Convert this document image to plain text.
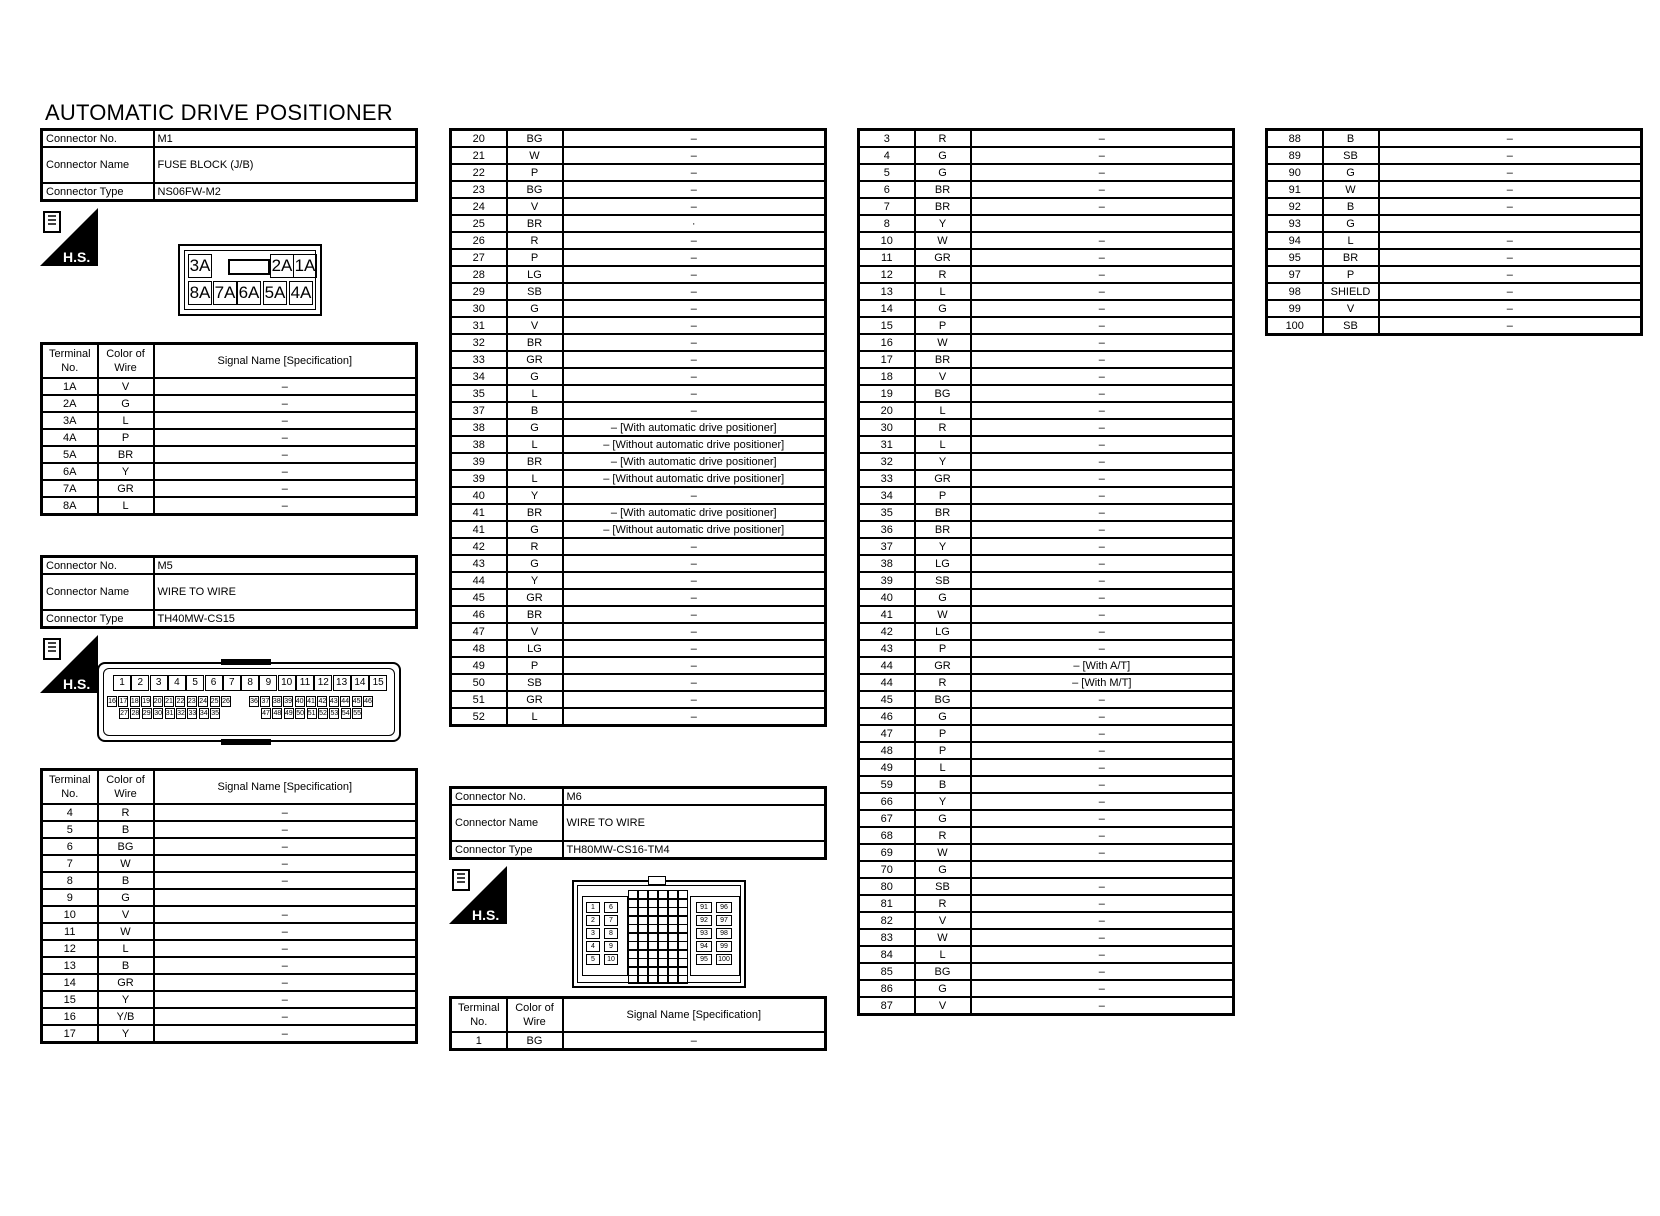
AUTOMATIC DRIVE POSITIONER
Connector No.	M1
Connector Name	FUSE BLOCK (J/B)
Connector Type	NS06FW-M2
H.S.	3A	2A 1A
8A 7A 6A 5A 4A
Terminal No.	Color of Wire	Signal Name [Specification]
1A	V	–
2A	G	–
3A	L	–
4A	P	–
5A	BR	–
6A	Y	–
7A	GR	–
8A	L	–
Connector No.	M5
Connector Name	WIRE TO WIRE
Connector Type	TH40MW-CS15
H.S.	1	2	3	4	5	6	7	8	9 10 11 12 13 14 15
16 17 18 19 20 21 22 23 24 25 26	36 37 38 39 40 41 42 43 44 45 46
27 28 29 30 31 32 33 34 35	47 48 49 50 51 52 53 54 55
Terminal No.	Color of Wire	Signal Name [Specification]
4	R	–
5	B	–
6	BG	–
7	W	–
8	B	–
9	G	
10	V	–
11	W	–
12	L	–
13	B	–
14	GR	–
15	Y	–
16	Y/B	–
17	Y	–
20	BG	–
21	W	–
22	P	–
23	BG	–
24	V	–
25	BR	·
26	R	–
27	P	–
28	LG	–
29	SB	–
30	G	–
31	V	–
32	BR	–
33	GR	–
34	G	–
35	L	–
37	B	–
38	G	– [With automatic drive positioner]
38	L	– [Without automatic drive positioner]
39	BR	– [With automatic drive positioner]
39	L	– [Without automatic drive positioner]
40	Y	–
41	BR	– [With automatic drive positioner]
41	G	– [Without automatic drive positioner]
42	R	–
43	G	–
44	Y	–
45	GR	–
46	BR	–
47	V	–
48	LG	–
49	P	–
50	SB	–
51	GR	–
52	L	–
Connector No.	M6
Connector Name	WIRE TO WIRE
Connector Type	TH80MW-CS16-TM4
H.S.	1	6
2	7
3	8
4	9
5	10
91	96
92	97
93	98
94	99
95	100
Terminal No.	Color of Wire	Signal Name [Specification]
1	BG	–
3	R	–
4	G	–
5	G	–
6	BR	–
7	BR	–
8	Y	
10	W	–
11	GR	–
12	R	–
13	L	–
14	G	–
15	P	–
16	W	–
17	BR	–
18	V	–
19	BG	–
20	L	–
30	R	–
31	L	–
32	Y	–
33	GR	–
34	P	–
35	BR	–
36	BR	–
37	Y	–
38	LG	–
39	SB	–
40	G	–
41	W	–
42	LG	–
43	P	–
44	GR	– [With A/T]
44	R	– [With M/T]
45	BG	–
46	G	–
47	P	–
48	P	–
49	L	–
59	B	–
66	Y	–
67	G	–
68	R	–
69	W	–
70	G	
80	SB	–
81	R	–
82	V	–
83	W	–
84	L	–
85	BG	–
86	G	–
87	V	–
88	B	–
89	SB	–
90	G	–
91	W	–
92	B	–
93	G	
94	L	–
95	BR	–
97	P	–
98	SHIELD	–
99	V	–
100	SB	–
